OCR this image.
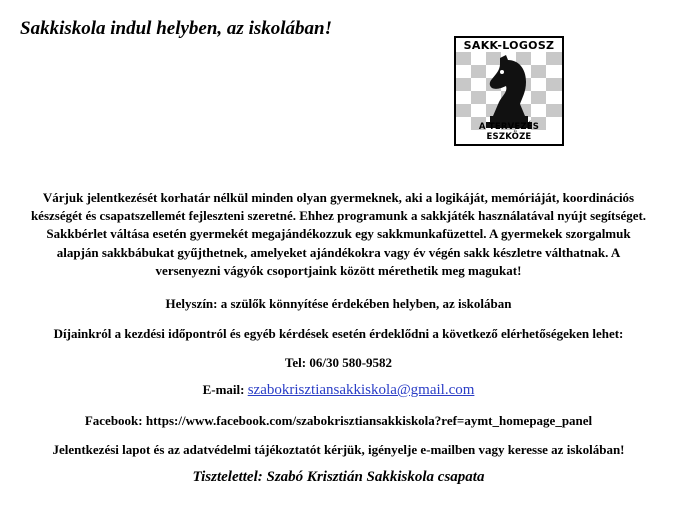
Sakkiskola indul helyben, az iskolában!
SAKK-LOGOSZ
A TERVEZÉS ESZKÖZE

Várjuk jelentkezését korhatár nélkül minden olyan gyermeknek, aki a logikáját, memóriáját, koordinációs

készségét és csapatszellemét fejleszteni szeretné. Ehhez programunk a sakkjáték használatával nyújt segítséget.

Sakkbérlet váltása esetén gyermekét megajándékozzuk egy sakkmunkafüzettel. A gyermekek szorgalmuk

alapján sakkbábukat gyűjthetnek, amelyeket ajándékokra vagy év végén sakk készletre válthatnak. A

versenyezni vágyók csoportjaink között mérethetik meg magukat!

Helyszín: a szülők könnyítése érdekében helyben, az iskolában

Díjainkról a kezdési időpontról és egyéb kérdések esetén érdeklődni a következő elérhetőségeken lehet:

Tel: 06/30 580-9582

E-mail: szabokrisztiansakkiskola@gmail.com

Facebook: https://www.facebook.com/szabokrisztiansakkiskola?ref=aymt_homepage_panel

Jelentkezési lapot és az adatvédelmi tájékoztatót kérjük, igényelje e-mailben vagy keresse az iskolában!

Tisztelettel: Szabó Krisztián Sakkiskola csapata
